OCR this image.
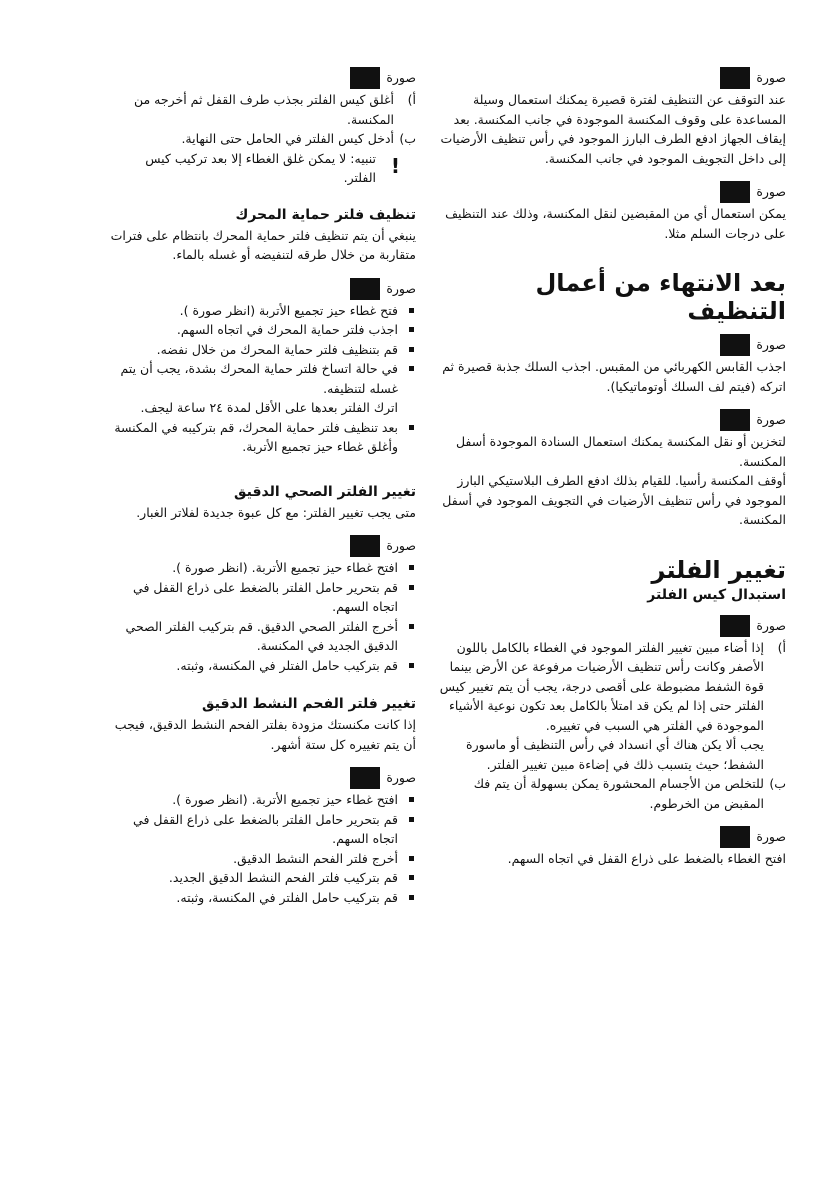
صورة

عند التوقف عن التنظيف لفترة قصيرة يمكنك استعمال وسيلة المساعدة على وقوف المكنسة الموجودة في جانب المكنسة. بعد إيقاف الجهاز ادفع الطرف البارز الموجود في رأس تنظيف الأرضيات إلى داخل التجويف الموجود في جانب المكنسة.

صورة

يمكن استعمال أي من المقبضين لنقل المكنسة، وذلك عند التنظيف على درجات السلم مثلا.

بعد الانتهاء من أعمال التنظيف
صورة

اجذب القابس الكهربائي من المقبس. اجذب السلك جذبة قصيرة ثم اتركه (فيتم لف السلك أوتوماتيكيا).

صورة

لتخزين أو نقل المكنسة يمكنك استعمال السنادة الموجودة أسفل المكنسة.

أوقف المكنسة رأسيا. للقيام بذلك ادفع الطرف البلاستيكي البارز الموجود في رأس تنظيف الأرضيات في التجويف الموجود في أسفل المكنسة.

تغيير الفلتر
استبدال كيس الفلتر
صورة
أ)

إذا أضاء مبين تغيير الفلتر الموجود في الغطاء بالكامل باللون الأصفر وكانت رأس تنظيف الأرضيات مرفوعة عن الأرض بينما قوة الشفط مضبوطة على أقصى درجة، يجب أن يتم تغيير كيس الفلتر حتى إذا لم يكن قد امتلأ بالكامل بعد تكون نوعية الأشياء الموجودة في الفلتر هي السبب في تغييره.

يجب ألا يكن هناك أي انسداد في رأس التنظيف أو ماسورة الشفط؛ حيث يتسبب ذلك في إضاءة مبين تغيير الفلتر.

ب)

للتخلص من الأجسام المحشورة يمكن بسهولة أن يتم فك المقبض من الخرطوم.

صورة

افتح الغطاء بالضغط على ذراع القفل في اتجاه السهم.

صورة
أ)

أغلق كيس الفلتر بجذب طرف القفل ثم أخرجه من المكنسة.

ب)

أدخل كيس الفلتر في الحامل حتى النهاية.

!

تنبيه: لا يمكن غلق الغطاء إلا بعد تركيب كيس الفلتر.

تنظيف فلتر حماية المحرك

ينبغي أن يتم تنظيف فلتر حماية المحرك بانتظام على فترات متقاربة من خلال طرقه لتنفيضه أو غسله بالماء.

صورة
فتح غطاء حيز تجميع الأتربة (انظر صورة ).
اجذب فلتر حماية المحرك في اتجاه السهم.
قم بتنظيف فلتر حماية المحرك من خلال نفضه.
في حالة اتساخ فلتر حماية المحرك بشدة، يجب أن يتم غسله لتنظيفه.
اترك الفلتر بعدها على الأقل لمدة ٢٤ ساعة ليجف.
بعد تنظيف فلتر حماية المحرك، قم بتركيبه في المكنسة وأغلق غطاء حيز تجميع الأتربة.
تغيير الفلتر الصحي الدقيق

متى يجب تغيير الفلتر: مع كل عبوة جديدة لفلاتر الغبار.

صورة
افتح غطاء حيز تجميع الأتربة. (انظر صورة ).
قم بتحرير حامل الفلتر بالضغط على ذراع القفل في اتجاه السهم.
أخرج الفلتر الصحي الدقيق. قم بتركيب الفلتر الصحي الدقيق الجديد في المكنسة.
قم بتركيب حامل الفتلر في المكنسة، وثبته.
تغيير فلتر الفحم النشط الدقيق

إذا كانت مكنستك مزودة بفلتر الفحم النشط الدقيق، فيجب أن يتم تغييره كل ستة أشهر.

صورة
افتح غطاء حيز تجميع الأتربة. (انظر صورة ).
قم بتحرير حامل الفلتر بالضغط على ذراع القفل في اتجاه السهم.
أخرج فلتر الفحم النشط الدقيق.
قم بتركيب فلتر الفحم النشط الدقيق الجديد.
قم بتركيب حامل الفلتر في المكنسة، وثبته.
